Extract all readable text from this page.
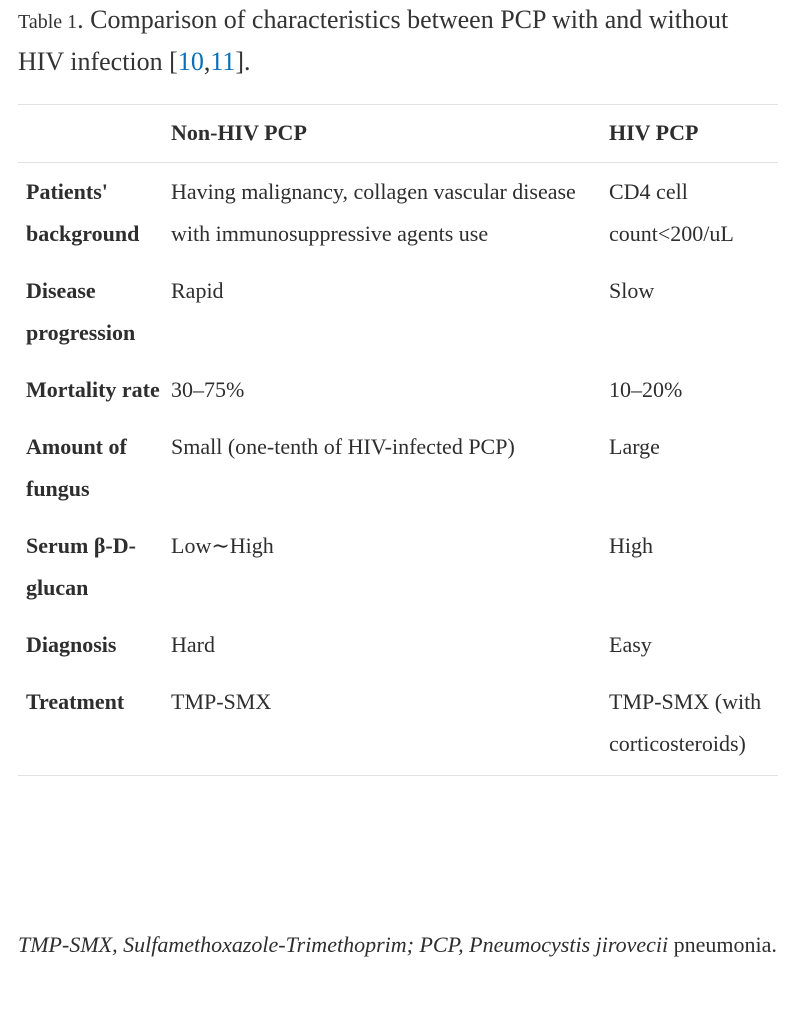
Table 1. Comparison of characteristics between PCP with and without HIV infection [10,11].
	Non-HIV PCP	HIV PCP
Patients' background	Having malignancy, collagen vascular disease with immunosuppressive agents use	CD4 cell count<200/uL
Disease progression	Rapid	Slow
Mortality rate	30–75%	10–20%
Amount of fungus	Small (one-tenth of HIV-infected PCP)	Large
Serum β-D-glucan	Low∼High	High
Diagnosis	Hard	Easy
Treatment	TMP-SMX	TMP-SMX (with corticosteroids)
TMP-SMX, Sulfamethoxazole-Trimethoprim; PCP, Pneumocystis jirovecii pneumonia.
